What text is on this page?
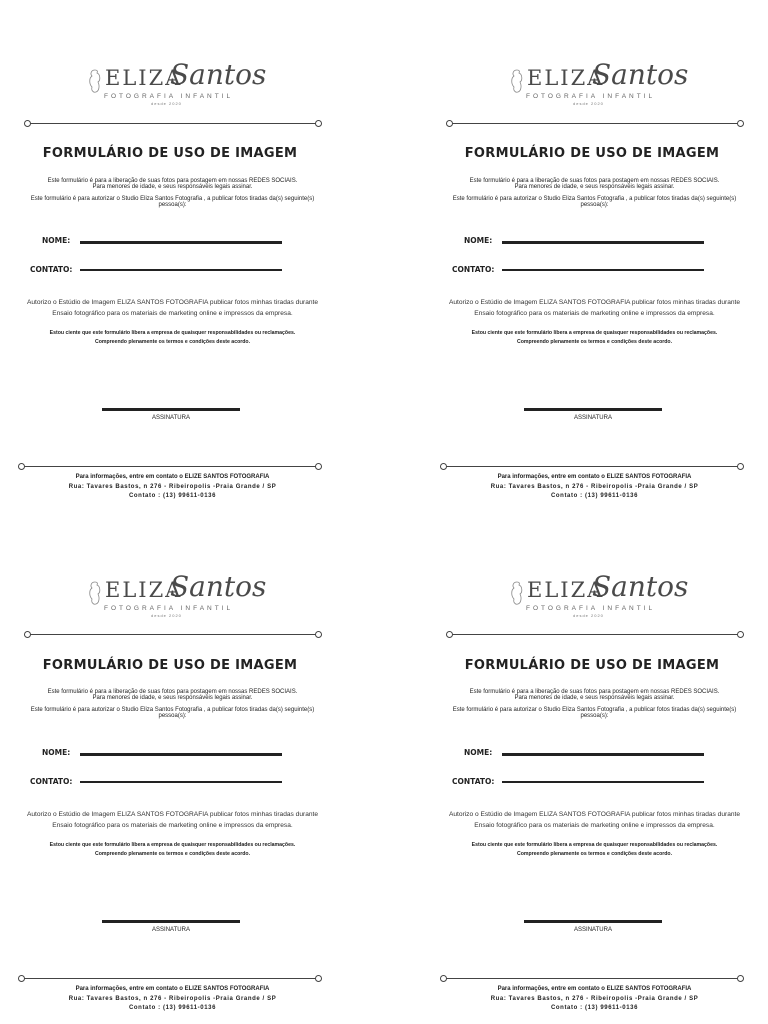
ELIZA
Santos
FOTOGRAFIA INFANTIL
desde 2020
FORMULÁRIO DE USO DE IMAGEM
Este formulário é para a liberação de suas fotos para postagem em nossas REDES SOCIAIS.
Para menores de idade, e seus responsáveis legais assinar.
Este formulário é para autorizar o Studio Eliza Santos Fotografia , a publicar fotos tiradas da(s) seguinte(s)
pessoa(s):
NOME:
CONTATO:
Autorizo o Estúdio de Imagem ELIZA SANTOS FOTOGRAFIA publicar fotos minhas tiradas durante
Ensaio fotográfico para os materiais de marketing online e impressos da empresa.
Estou ciente que este formulário libera a empresa de quaisquer responsabilidades ou reclamações.
Compreendo plenamente os termos e condições deste acordo.
ASSINATURA
Para informações, entre em contato o ELIZE SANTOS FOTOGRAFIA
Rua: Tavares Bastos, n 276 - Ribeiropolis -Praia Grande / SP
Contato : (13) 99611-0136
ELIZA
Santos
FOTOGRAFIA INFANTIL
desde 2020
FORMULÁRIO DE USO DE IMAGEM
Este formulário é para a liberação de suas fotos para postagem em nossas REDES SOCIAIS.
Para menores de idade, e seus responsáveis legais assinar.
Este formulário é para autorizar o Studio Eliza Santos Fotografia , a publicar fotos tiradas da(s) seguinte(s)
pessoa(s):
NOME:
CONTATO:
Autorizo o Estúdio de Imagem ELIZA SANTOS FOTOGRAFIA publicar fotos minhas tiradas durante
Ensaio fotográfico para os materiais de marketing online e impressos da empresa.
Estou ciente que este formulário libera a empresa de quaisquer responsabilidades ou reclamações.
Compreendo plenamente os termos e condições deste acordo.
ASSINATURA
Para informações, entre em contato o ELIZE SANTOS FOTOGRAFIA
Rua: Tavares Bastos, n 276 - Ribeiropolis -Praia Grande / SP
Contato : (13) 99611-0136
ELIZA
Santos
FOTOGRAFIA INFANTIL
desde 2020
FORMULÁRIO DE USO DE IMAGEM
Este formulário é para a liberação de suas fotos para postagem em nossas REDES SOCIAIS.
Para menores de idade, e seus responsáveis legais assinar.
Este formulário é para autorizar o Studio Eliza Santos Fotografia , a publicar fotos tiradas da(s) seguinte(s)
pessoa(s):
NOME:
CONTATO:
Autorizo o Estúdio de Imagem ELIZA SANTOS FOTOGRAFIA publicar fotos minhas tiradas durante
Ensaio fotográfico para os materiais de marketing online e impressos da empresa.
Estou ciente que este formulário libera a empresa de quaisquer responsabilidades ou reclamações.
Compreendo plenamente os termos e condições deste acordo.
ASSINATURA
Para informações, entre em contato o ELIZE SANTOS FOTOGRAFIA
Rua: Tavares Bastos, n 276 - Ribeiropolis -Praia Grande / SP
Contato : (13) 99611-0136
ELIZA
Santos
FOTOGRAFIA INFANTIL
desde 2020
FORMULÁRIO DE USO DE IMAGEM
Este formulário é para a liberação de suas fotos para postagem em nossas REDES SOCIAIS.
Para menores de idade, e seus responsáveis legais assinar.
Este formulário é para autorizar o Studio Eliza Santos Fotografia , a publicar fotos tiradas da(s) seguinte(s)
pessoa(s):
NOME:
CONTATO:
Autorizo o Estúdio de Imagem ELIZA SANTOS FOTOGRAFIA publicar fotos minhas tiradas durante
Ensaio fotográfico para os materiais de marketing online e impressos da empresa.
Estou ciente que este formulário libera a empresa de quaisquer responsabilidades ou reclamações.
Compreendo plenamente os termos e condições deste acordo.
ASSINATURA
Para informações, entre em contato o ELIZE SANTOS FOTOGRAFIA
Rua: Tavares Bastos, n 276 - Ribeiropolis -Praia Grande / SP
Contato : (13) 99611-0136
